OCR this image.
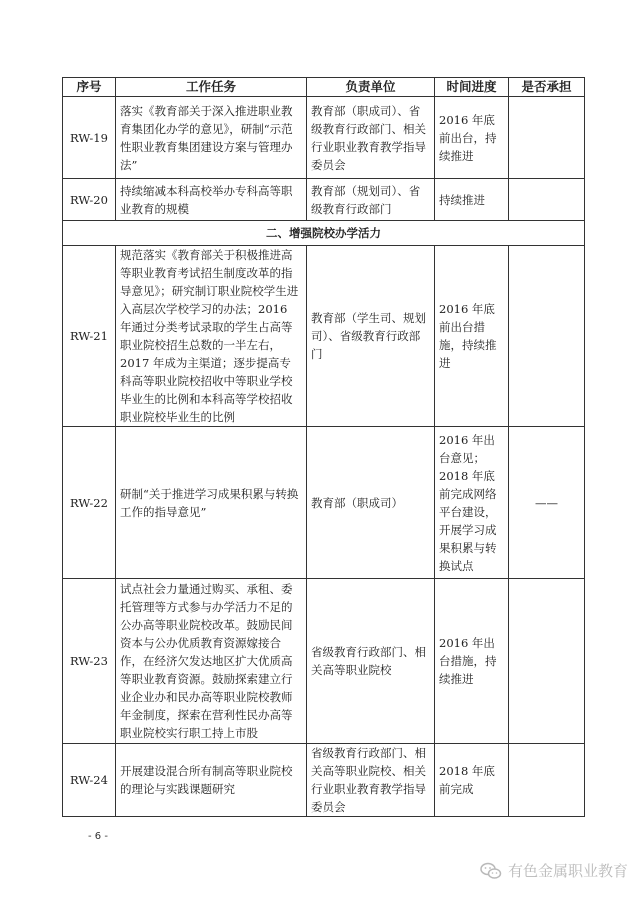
序号	工作任务	负责单位	时间进度	是否承担
RW-19	落实《教育部关于深入推进职业教育集团化办学的意见》，研制“示范性职业教育集团建设方案与管理办法”	教育部（职成司）、省级教育行政部门、相关行业职业教育教学指导委员会	2016 年底前出台，持续推进	
RW-20	持续缩减本科高校举办专科高等职业教育的规模	教育部（规划司）、省级教育行政部门	持续推进	
二、增强院校办学活力				
RW-21	规范落实《教育部关于积极推进高等职业教育考试招生制度改革的指导意见》；研究制订职业院校学生进入高层次学校学习的办法；2016 年通过分类考试录取的学生占高等职业院校招生总数的一半左右，2017 年成为主渠道；逐步提高专科高等职业院校招收中等职业学校毕业生的比例和本科高等学校招收职业院校毕业生的比例	教育部（学生司、规划司）、省级教育行政部门	2016 年底前出台措施，持续推进	
RW-22	研制“关于推进学习成果积累与转换工作的指导意见”	教育部（职成司）	2016 年出台意见；2018 年底前完成网络平台建设，开展学习成果积累与转换试点	——
RW-23	试点社会力量通过购买、承租、委托管理等方式参与办学活力不足的公办高等职业院校改革。鼓励民间资本与公办优质教育资源嫁接合作，在经济欠发达地区扩大优质高等职业教育资源。鼓励探索建立行业企业办和民办高等职业院校教师年金制度，探索在营利性民办高等职业院校实行职工持上市股	省级教育行政部门、相关高等职业院校	2016 年出台措施，持续推进	
RW-24	开展建设混合所有制高等职业院校的理论与实践课题研究	省级教育行政部门、相关高等职业院校、相关行业职业教育教学指导委员会	2018 年底前完成	
- 6 -
有色金属职业教育
